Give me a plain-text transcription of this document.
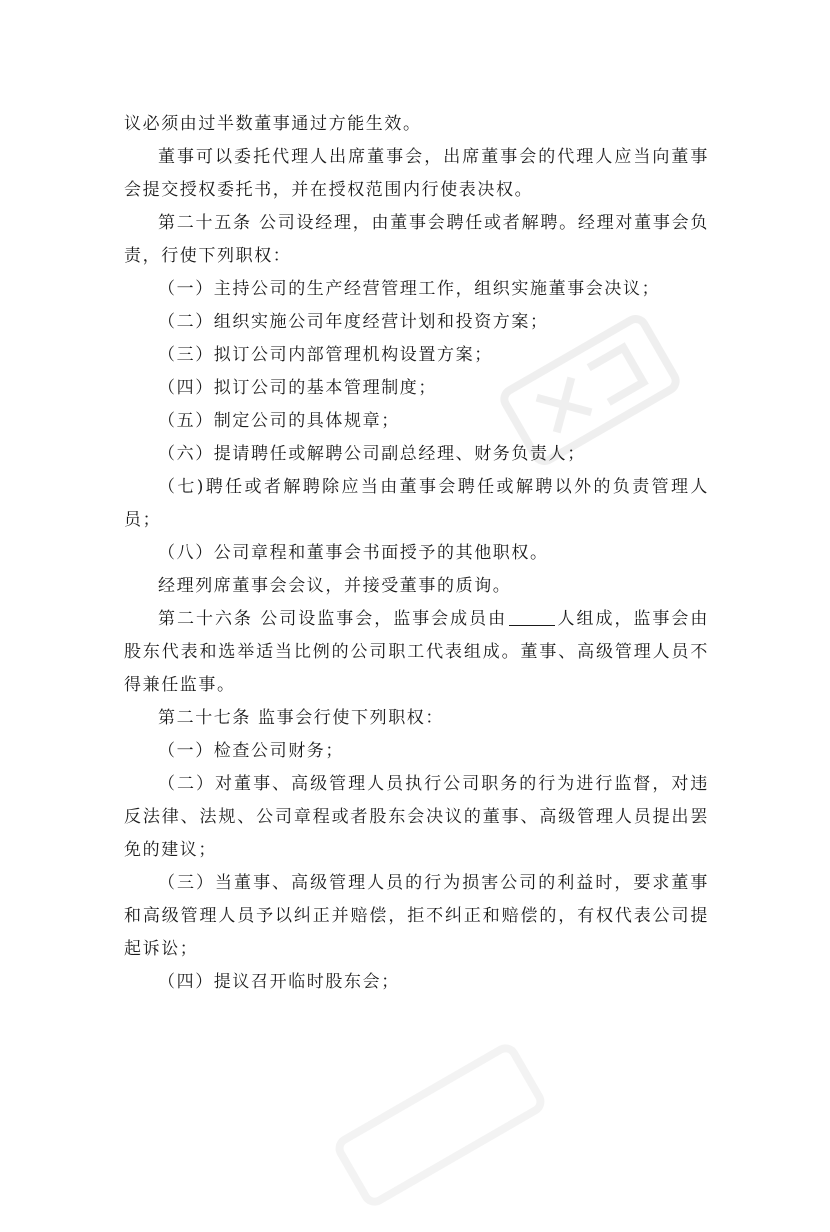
议必须由过半数董事通过方能生效。

董事可以委托代理人出席董事会，出席董事会的代理人应当向董事会提交授权委托书，并在授权范围内行使表决权。

第二十五条 公司设经理，由董事会聘任或者解聘。经理对董事会负责，行使下列职权：

（一）主持公司的生产经营管理工作，组织实施董事会决议；

（二）组织实施公司年度经营计划和投资方案；

（三）拟订公司内部管理机构设置方案；

（四）拟订公司的基本管理制度；

（五）制定公司的具体规章；

（六）提请聘任或解聘公司副总经理、财务负责人；

（七)聘任或者解聘除应当由董事会聘任或解聘以外的负责管理人员；

（八）公司章程和董事会书面授予的其他职权。

经理列席董事会会议，并接受董事的质询。

第二十六条 公司设监事会，监事会成员由	人组成，监事会由股东代表和选举适当比例的公司职工代表组成。董事、高级管理人员不得兼任监事。

第二十七条 监事会行使下列职权：

（一）检查公司财务；

（二）对董事、高级管理人员执行公司职务的行为进行监督，对违反法律、法规、公司章程或者股东会决议的董事、高级管理人员提出罢免的建议；

（三）当董事、高级管理人员的行为损害公司的利益时，要求董事和高级管理人员予以纠正并赔偿，拒不纠正和赔偿的，有权代表公司提起诉讼；

（四）提议召开临时股东会；
